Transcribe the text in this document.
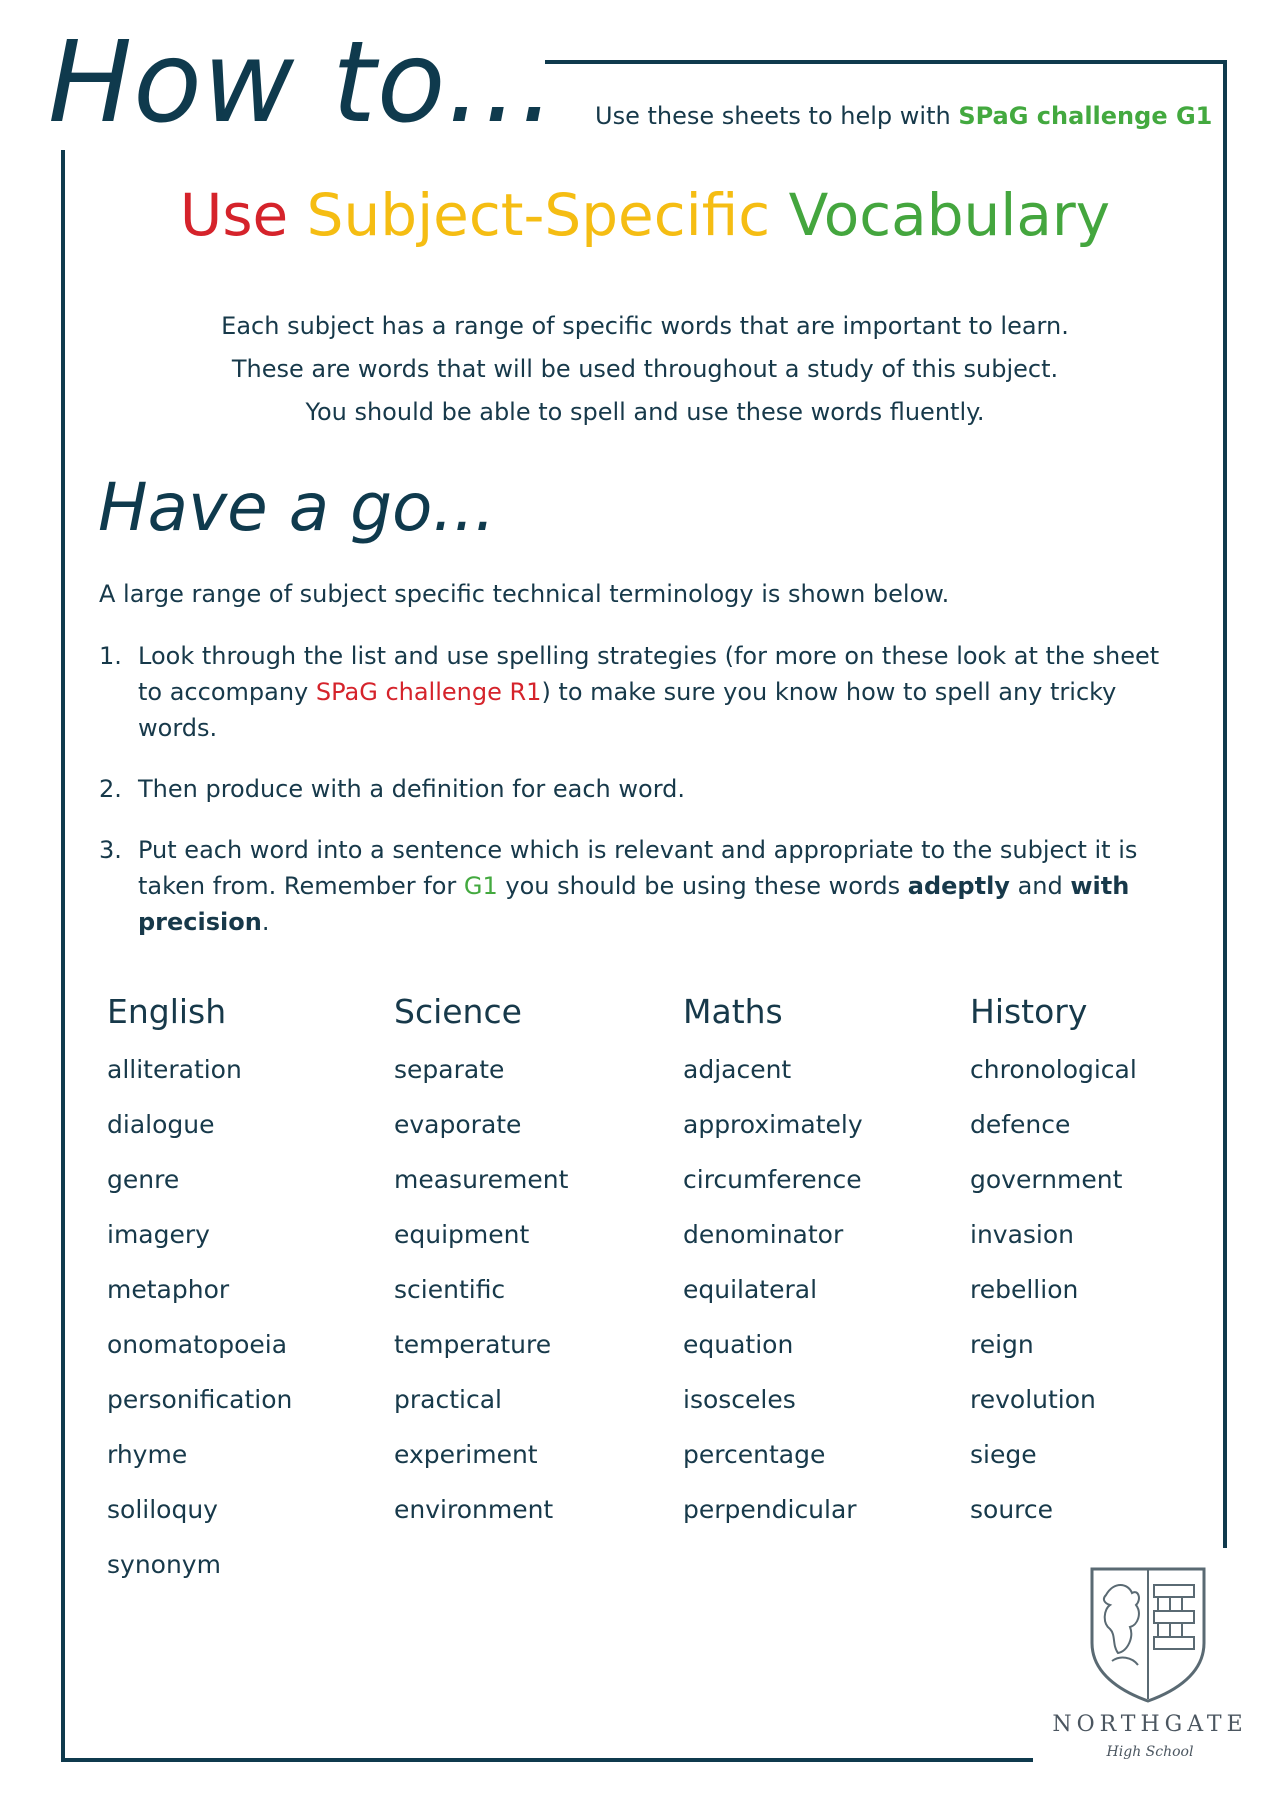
How to... Use these sheets to help with SPaG challenge G1
Use Subject-Specific Vocabulary

Each subject has a range of specific words that are important to learn.

These are words that will be used throughout a study of this subject.

You should be able to spell and use these words fluently.

Have a go...
A large range of subject specific technical terminology is shown below.
1. Look through the list and use spelling strategies (for more on these look at the sheet to accompany SPaG challenge R1) to make sure you know how to spell any tricky words.
2. Then produce with a definition for each word.
3. Put each word into a sentence which is relevant and appropriate to the subject it is taken from. Remember for G1 you should be using these words adeptly and with precision.
English
alliteration
dialogue
genre
imagery
metaphor
onomatopoeia
personification
rhyme
soliloquy
synonym
Science
separate
evaporate
measurement
equipment
scientific
temperature
practical
experiment
environment
Maths
adjacent
approximately
circumference
denominator
equilateral
equation
isosceles
percentage
perpendicular
History
chronological
defence
government
invasion
rebellion
reign
revolution
siege
source
NORTHGATE
High School
